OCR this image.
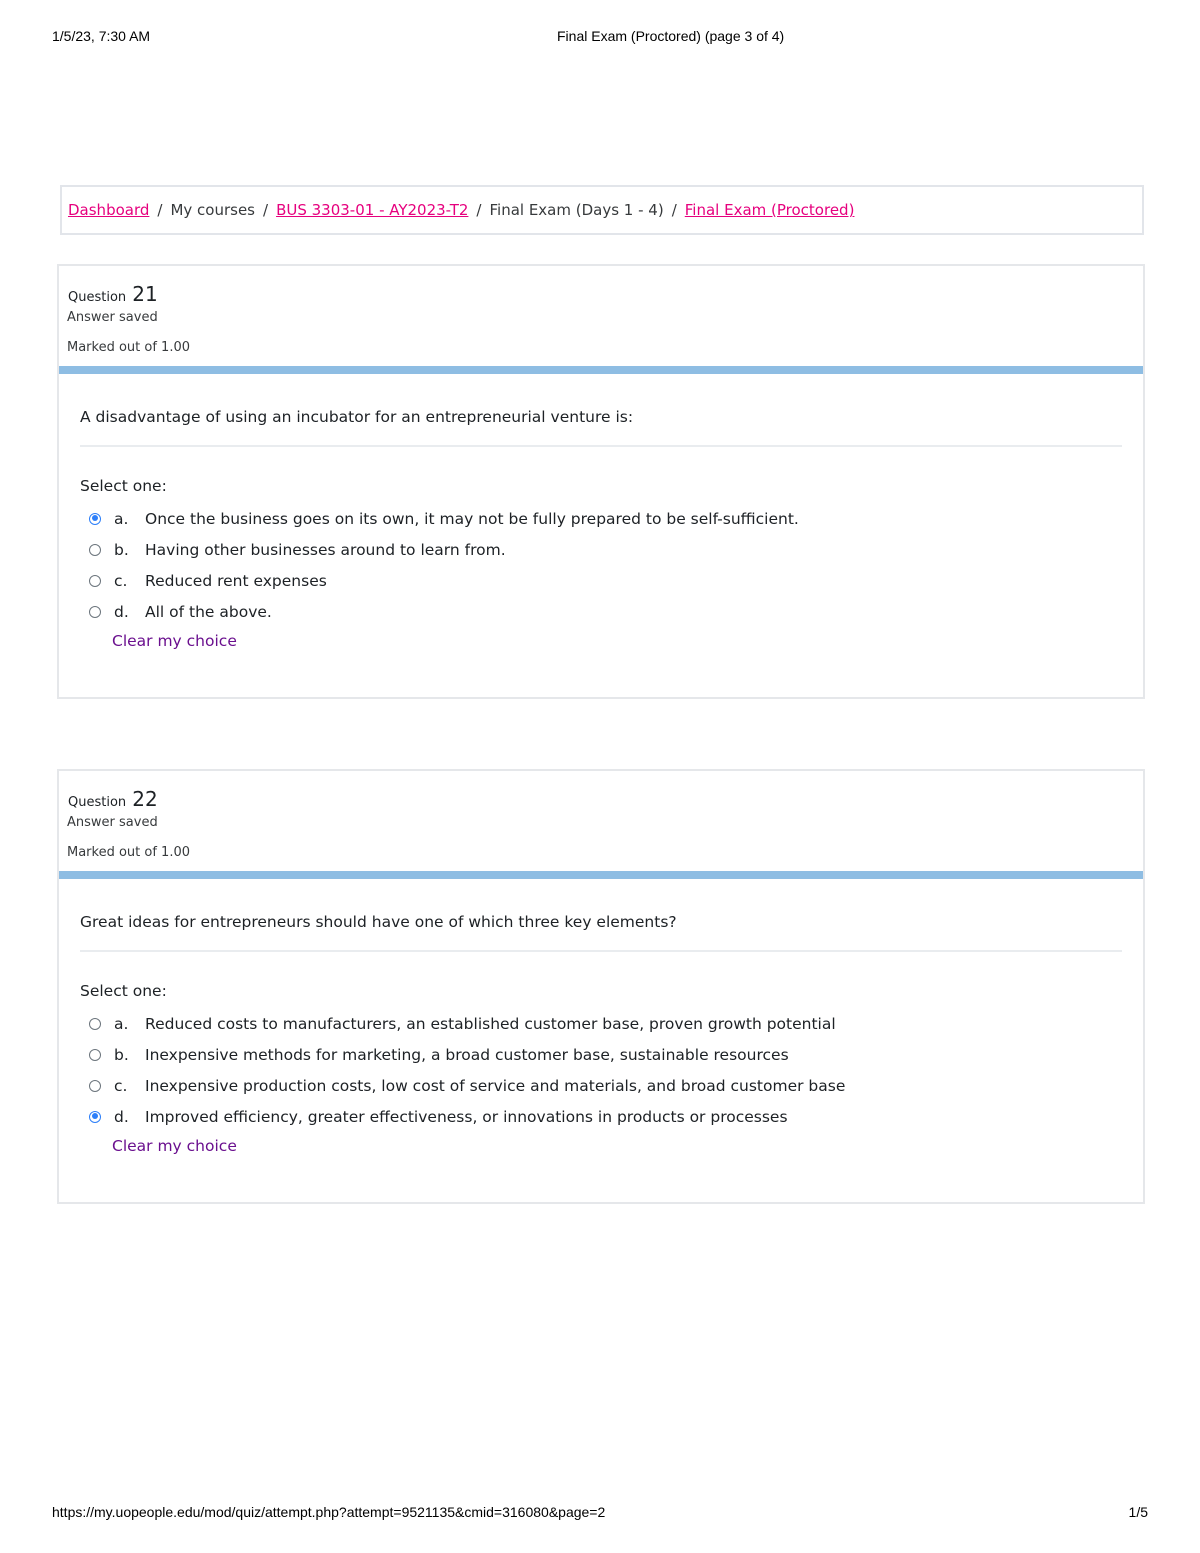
1/5/23, 7:30 AM	Final Exam (Proctored) (page 3 of 4)
Dashboard / My courses / BUS 3303-01 - AY2023-T2 / Final Exam (Days 1 - 4) / Final Exam (Proctored)
Question 21
Answer saved
Marked out of 1.00
A disadvantage of using an incubator for an entrepreneurial venture is:
Select one:
a.	Once the business goes on its own, it may not be fully prepared to be self-sufficient.
b.	Having other businesses around to learn from.
c.	Reduced rent expenses
d.	All of the above.
Clear my choice
Question 22
Answer saved
Marked out of 1.00
Great ideas for entrepreneurs should have one of which three key elements?
Select one:
a.	Reduced costs to manufacturers, an established customer base, proven growth potential
b.	Inexpensive methods for marketing, a broad customer base, sustainable resources
c.	Inexpensive production costs, low cost of service and materials, and broad customer base
d.	Improved efficiency, greater effectiveness, or innovations in products or processes
Clear my choice
https://my.uopeople.edu/mod/quiz/attempt.php?attempt=9521135&cmid=316080&page=2	1/5
